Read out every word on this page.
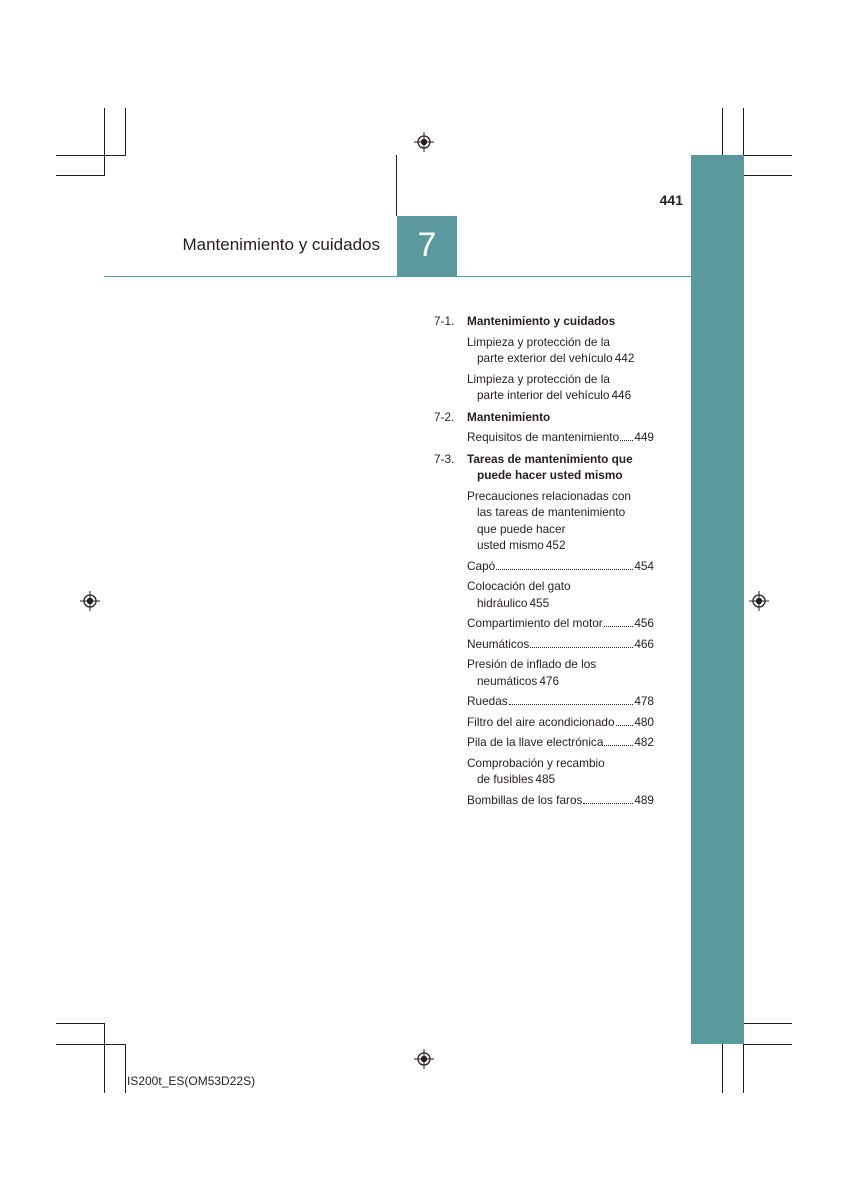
441
Mantenimiento y cuidados	7
7-1. Mantenimiento y cuidados
Limpieza y protección de la
parte exterior del vehículo 442
Limpieza y protección de la
parte interior del vehículo 446
7-2. Mantenimiento
Requisitos de mantenimiento 449
7-3. Tareas de mantenimiento que
puede hacer usted mismo
Precauciones relacionadas con
las tareas de mantenimiento
que puede hacer
usted mismo 452
Capó	454
Colocación del gato
hidráulico 455
Compartimiento del motor	456
Neumáticos	466
Presión de inflado de los
neumáticos 476
Ruedas	478
Filtro del aire acondicionado 480
Pila de la llave electrónica	482
Comprobación y recambio
de fusibles 485
Bombillas de los faros	489
IS200t_ES(OM53D22S)
